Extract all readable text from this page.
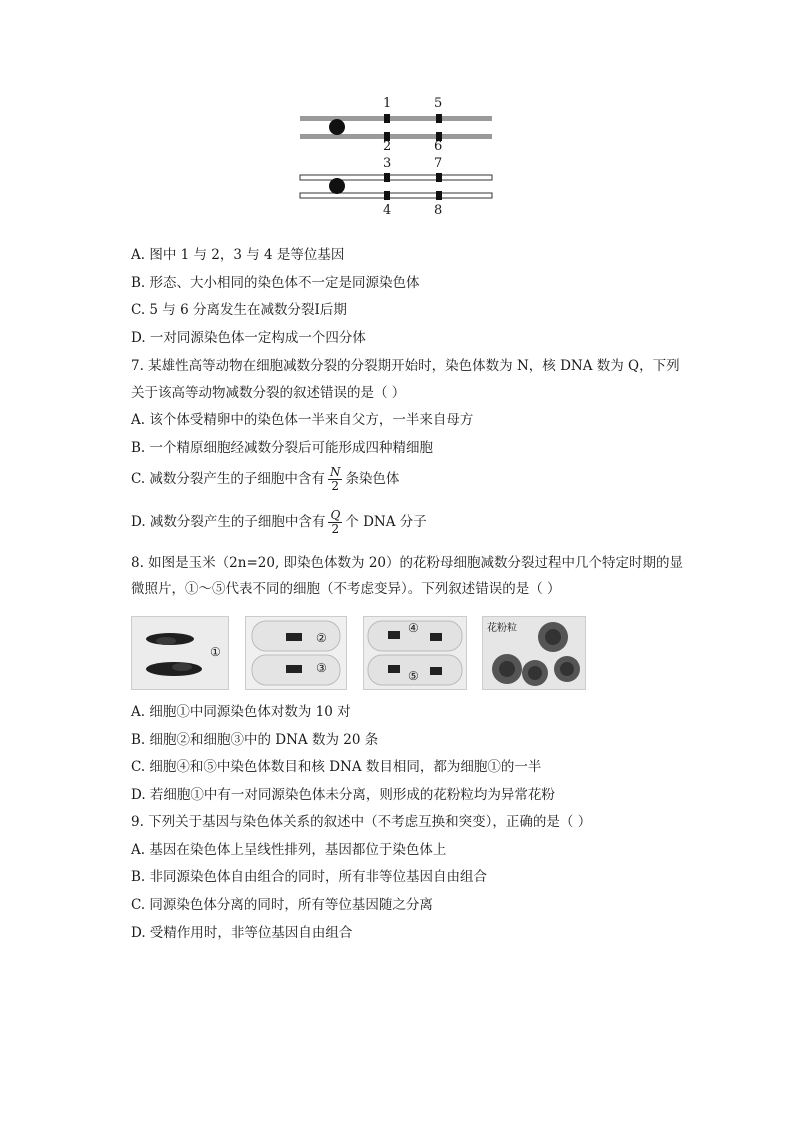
1	5
2	6
3	7
4	8
A. 图中 1 与 2，3 与 4 是等位基因
B. 形态、大小相同的染色体不一定是同源染色体
C. 5 与 6 分离发生在减数分裂Ⅰ后期
D. 一对同源染色体一定构成一个四分体
7. 某雄性高等动物在细胞减数分裂的分裂期开始时，染色体数为 N，核 DNA 数为 Q，下列
关于该高等动物减数分裂的叙述错误的是（ ）
A. 该个体受精卵中的染色体一半来自父方，一半来自母方
B. 一个精原细胞经减数分裂后可能形成四种精细胞
C. 减数分裂产生的子细胞中含有 $\frac{N}{2}$ 条染色体
D. 减数分裂产生的子细胞中含有 $\frac{Q}{2}$ 个 DNA 分子
8. 如图是玉米（2n=20, 即染色体数为 20）的花粉母细胞减数分裂过程中几个特定时期的显
微照片，①～⑤代表不同的细胞（不考虑变异）。下列叙述错误的是（ ）
①
②
③
④
⑤
花粉粒
A. 细胞①中同源染色体对数为 10 对
B. 细胞②和细胞③中的 DNA 数为 20 条
C. 细胞④和⑤中染色体数目和核 DNA 数目相同，都为细胞①的一半
D. 若细胞①中有一对同源染色体未分离，则形成的花粉粒均为异常花粉
9. 下列关于基因与染色体关系的叙述中（不考虑互换和突变），正确的是（ ）
A. 基因在染色体上呈线性排列，基因都位于染色体上
B. 非同源染色体自由组合的同时，所有非等位基因自由组合
C. 同源染色体分离的同时，所有等位基因随之分离
D. 受精作用时，非等位基因自由组合
